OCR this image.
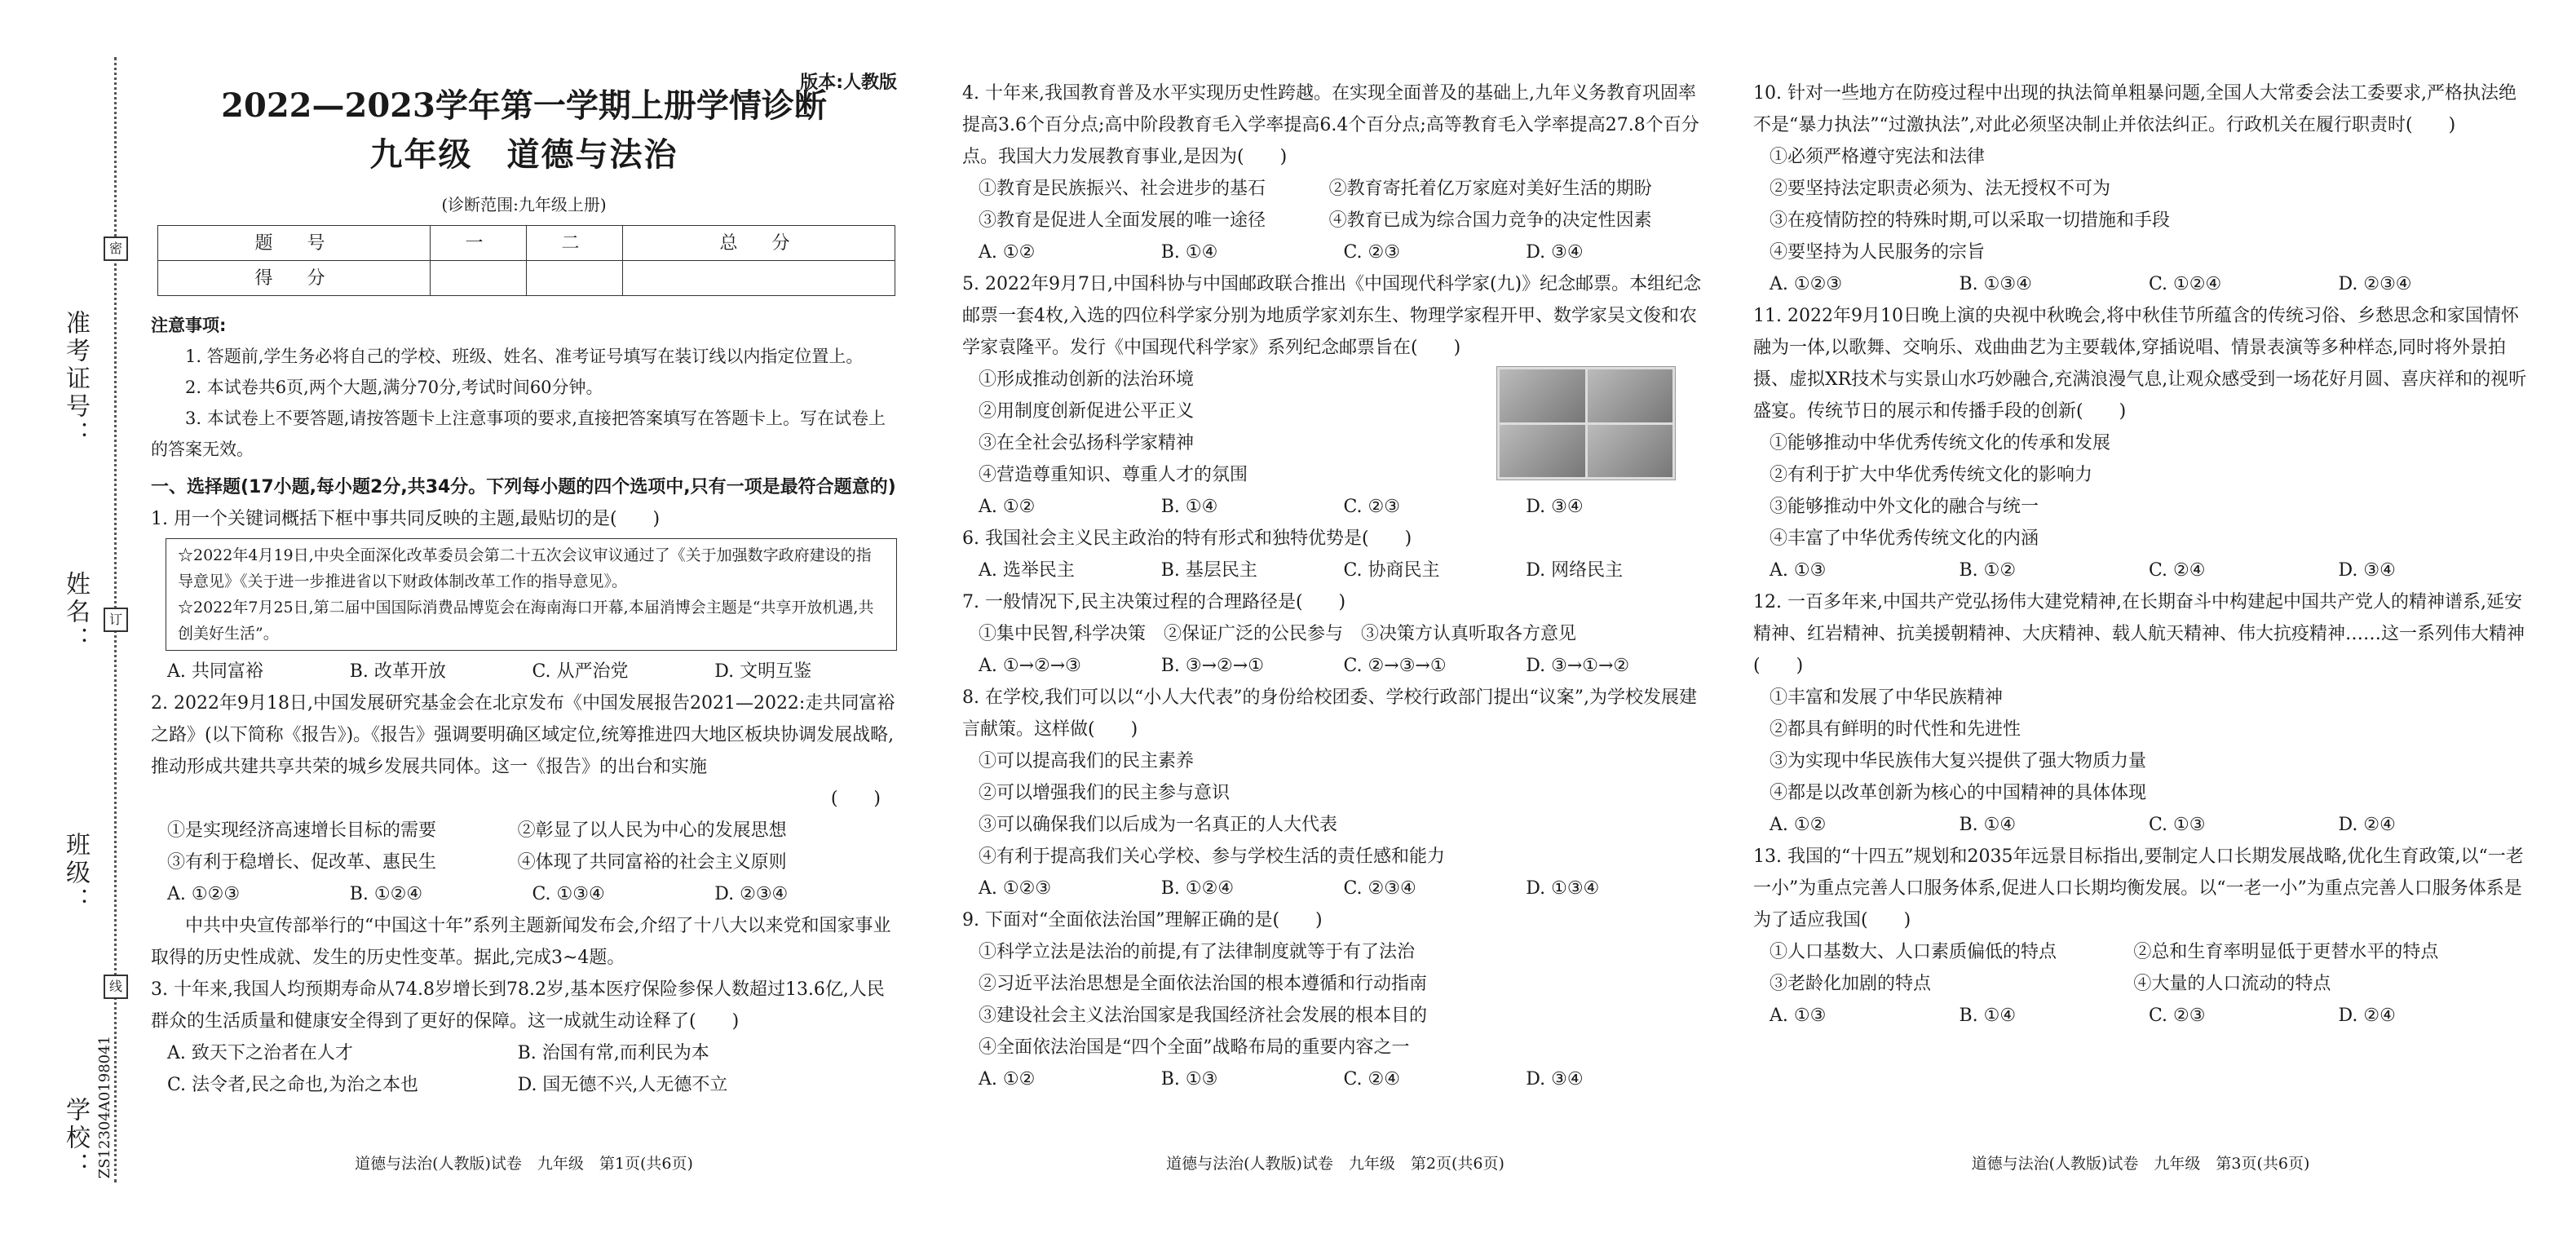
准考证号：
姓名：
班级：
学校：
密
订
线
ZS12304A0198041
版本:人教版
2022—2023学年第一学期上册学情诊断
九年级　道德与法治
(诊断范围:九年级上册)
题　号	一	二	总　分
得　分			
注意事项:

1. 答题前,学生务必将自己的学校、班级、姓名、准考证号填写在装订线以内指定位置上。

2. 本试卷共6页,两个大题,满分70分,考试时间60分钟。

3. 本试卷上不要答题,请按答题卡上注意事项的要求,直接把答案填写在答题卡上。写在试卷上的答案无效。

一、选择题(17小题,每小题2分,共34分。下列每小题的四个选项中,只有一项是最符合题意的)
1. 用一个关键词概括下框中事共同反映的主题,最贴切的是(　　)
☆2022年4月19日,中央全面深化改革委员会第二十五次会议审议通过了《关于加强数字政府建设的指导意见》《关于进一步推进省以下财政体制改革工作的指导意见》。
☆2022年7月25日,第二届中国国际消费品博览会在海南海口开幕,本届消博会主题是“共享开放机遇,共创美好生活”。
A. 共同富裕	B. 改革开放	C. 从严治党	D. 文明互鉴
2. 2022年9月18日,中国发展研究基金会在北京发布《中国发展报告2021—2022:走共同富裕之路》(以下简称《报告》)。《报告》强调要明确区域定位,统筹推进四大地区板块协调发展战略,推动形成共建共享共荣的城乡发展共同体。这一《报告》的出台和实施
(　　)
①是实现经济高速增长目标的需要	②彰显了以人民为中心的发展思想
③有利于稳增长、促改革、惠民生	④体现了共同富裕的社会主义原则
A. ①②③	B. ①②④	C. ①③④	D. ②③④
中共中央宣传部举行的“中国这十年”系列主题新闻发布会,介绍了十八大以来党和国家事业取得的历史性成就、发生的历史性变革。据此,完成3~4题。
3. 十年来,我国人均预期寿命从74.8岁增长到78.2岁,基本医疗保险参保人数超过13.6亿,人民群众的生活质量和健康安全得到了更好的保障。这一成就生动诠释了(　　)
A. 致天下之治者在人才	B. 治国有常,而利民为本
C. 法令者,民之命也,为治之本也	D. 国无德不兴,人无德不立
道德与法治(人教版)试卷　九年级　第1页(共6页)
4. 十年来,我国教育普及水平实现历史性跨越。在实现全面普及的基础上,九年义务教育巩固率提高3.6个百分点;高中阶段教育毛入学率提高6.4个百分点;高等教育毛入学率提高27.8个百分点。我国大力发展教育事业,是因为(　　)
①教育是民族振兴、社会进步的基石	②教育寄托着亿万家庭对美好生活的期盼
③教育是促进人全面发展的唯一途径	④教育已成为综合国力竞争的决定性因素
A. ①②	B. ①④	C. ②③	D. ③④
5. 2022年9月7日,中国科协与中国邮政联合推出《中国现代科学家(九)》纪念邮票。本组纪念邮票一套4枚,入选的四位科学家分别为地质学家刘东生、物理学家程开甲、数学家吴文俊和农学家袁隆平。发行《中国现代科学家》系列纪念邮票旨在(　　)
①形成推动创新的法治环境
②用制度创新促进公平正义
③在全社会弘扬科学家精神
④营造尊重知识、尊重人才的氛围
A. ①②	B. ①④	C. ②③	D. ③④
6. 我国社会主义民主政治的特有形式和独特优势是(　　)
A. 选举民主	B. 基层民主	C. 协商民主	D. 网络民主
7. 一般情况下,民主决策过程的合理路径是(　　)
①集中民智,科学决策　②保证广泛的公民参与　③决策方认真听取各方意见
A. ①→②→③	B. ③→②→①	C. ②→③→①	D. ③→①→②
8. 在学校,我们可以以“小人大代表”的身份给校团委、学校行政部门提出“议案”,为学校发展建言献策。这样做(　　)
①可以提高我们的民主素养
②可以增强我们的民主参与意识
③可以确保我们以后成为一名真正的人大代表
④有利于提高我们关心学校、参与学校生活的责任感和能力
A. ①②③	B. ①②④	C. ②③④	D. ①③④
9. 下面对“全面依法治国”理解正确的是(　　)
①科学立法是法治的前提,有了法律制度就等于有了法治
②习近平法治思想是全面依法治国的根本遵循和行动指南
③建设社会主义法治国家是我国经济社会发展的根本目的
④全面依法治国是“四个全面”战略布局的重要内容之一
A. ①②	B. ①③	C. ②④	D. ③④
道德与法治(人教版)试卷　九年级　第2页(共6页)
10. 针对一些地方在防疫过程中出现的执法简单粗暴问题,全国人大常委会法工委要求,严格执法绝不是“暴力执法”“过激执法”,对此必须坚决制止并依法纠正。行政机关在履行职责时(　　)
①必须严格遵守宪法和法律
②要坚持法定职责必须为、法无授权不可为
③在疫情防控的特殊时期,可以采取一切措施和手段
④要坚持为人民服务的宗旨
A. ①②③	B. ①③④	C. ①②④	D. ②③④
11. 2022年9月10日晚上演的央视中秋晚会,将中秋佳节所蕴含的传统习俗、乡愁思念和家国情怀融为一体,以歌舞、交响乐、戏曲曲艺为主要载体,穿插说唱、情景表演等多种样态,同时将外景拍摄、虚拟XR技术与实景山水巧妙融合,充满浪漫气息,让观众感受到一场花好月圆、喜庆祥和的视听盛宴。传统节日的展示和传播手段的创新(　　)
①能够推动中华优秀传统文化的传承和发展
②有利于扩大中华优秀传统文化的影响力
③能够推动中外文化的融合与统一
④丰富了中华优秀传统文化的内涵
A. ①③	B. ①②	C. ②④	D. ③④
12. 一百多年来,中国共产党弘扬伟大建党精神,在长期奋斗中构建起中国共产党人的精神谱系,延安精神、红岩精神、抗美援朝精神、大庆精神、载人航天精神、伟大抗疫精神……这一系列伟大精神(　　)
①丰富和发展了中华民族精神
②都具有鲜明的时代性和先进性
③为实现中华民族伟大复兴提供了强大物质力量
④都是以改革创新为核心的中国精神的具体体现
A. ①②	B. ①④	C. ①③	D. ②④
13. 我国的“十四五”规划和2035年远景目标指出,要制定人口长期发展战略,优化生育政策,以“一老一小”为重点完善人口服务体系,促进人口长期均衡发展。以“一老一小”为重点完善人口服务体系是为了适应我国(　　)
①人口基数大、人口素质偏低的特点	②总和生育率明显低于更替水平的特点
③老龄化加剧的特点	④大量的人口流动的特点
A. ①③	B. ①④	C. ②③	D. ②④
道德与法治(人教版)试卷　九年级　第3页(共6页)
